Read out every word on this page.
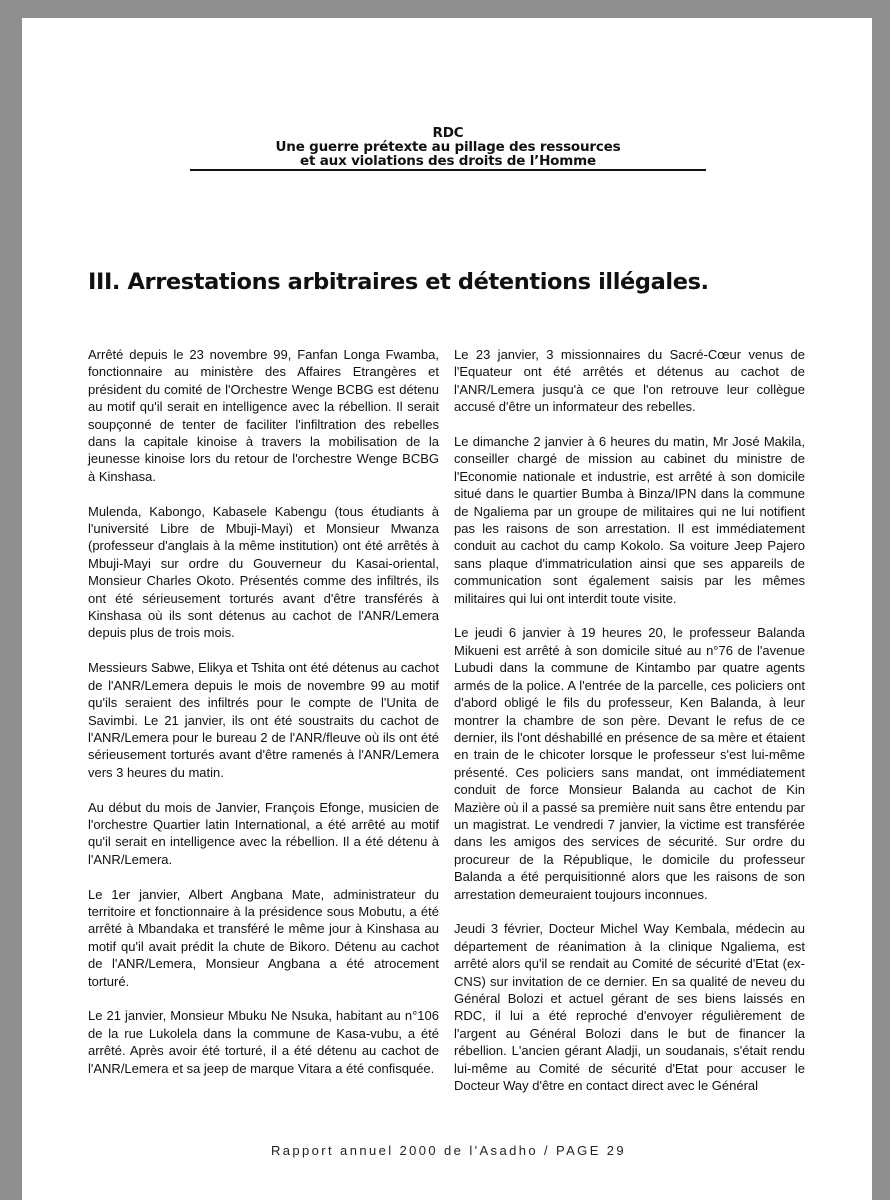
RDC
Une guerre prétexte au pillage des ressources
et aux violations des droits de l’Homme
III. Arrestations arbitraires et détentions illégales.

Arrêté depuis le 23 novembre 99, Fanfan Longa Fwamba, fonctionnaire au ministère des Affaires Etrangères et président du comité de l'Orchestre Wenge BCBG est détenu au motif qu'il serait en intelligence avec la rébellion. Il serait soupçonné de tenter de faciliter l'infiltration des rebelles dans la capitale kinoise à travers la mobilisation de la jeunesse kinoise lors du retour de l'orchestre Wenge BCBG à Kinshasa.

Mulenda, Kabongo, Kabasele Kabengu (tous étudiants à l'université Libre de Mbuji-Mayi) et Monsieur Mwanza (professeur d'anglais à la même institution) ont été arrêtés à Mbuji-Mayi sur ordre du Gouverneur du Kasai-oriental, Monsieur Charles Okoto. Présentés comme des infiltrés, ils ont été sérieusement torturés avant d'être transférés à Kinshasa où ils sont détenus au cachot de l'ANR/Lemera depuis plus de trois mois.

Messieurs Sabwe, Elikya et Tshita ont été détenus au cachot de l'ANR/Lemera depuis le mois de novembre 99 au motif qu'ils seraient des infiltrés pour le compte de l'Unita de Savimbi. Le 21 janvier, ils ont été soustraits du cachot de l'ANR/Lemera pour le bureau 2 de l'ANR/fleuve où ils ont été sérieusement torturés avant d'être ramenés à l'ANR/Lemera vers 3 heures du matin.

Au début du mois de Janvier, François Efonge, musicien de l'orchestre Quartier latin International, a été arrêté au motif qu'il serait en intelligence avec la rébellion. Il a été détenu à l'ANR/Lemera.

Le 1er janvier, Albert Angbana Mate, administrateur du territoire et fonctionnaire à la présidence sous Mobutu, a été arrêté à Mbandaka et transféré le même jour à Kinshasa au motif qu'il avait prédit la chute de Bikoro. Détenu au cachot de l'ANR/Lemera, Monsieur Angbana a été atrocement torturé.

Le 21 janvier, Monsieur Mbuku Ne Nsuka, habitant au n°106 de la rue Lukolela dans la commune de Kasa-vubu, a été arrêté. Après avoir été torturé, il a été détenu au cachot de l'ANR/Lemera et sa jeep de marque Vitara a été confisquée.

Le 23 janvier, 3 missionnaires du Sacré-Cœur venus de l'Equateur ont été arrêtés et détenus au cachot de l'ANR/Lemera jusqu'à ce que l'on retrouve leur collègue accusé d'être un informateur des rebelles.

Le dimanche 2 janvier à 6 heures du matin, Mr José Makila, conseiller chargé de mission au cabinet du ministre de l'Economie nationale et industrie, est arrêté à son domicile situé dans le quartier Bumba à Binza/IPN dans la commune de Ngaliema par un groupe de militaires qui ne lui notifient pas les raisons de son arrestation. Il est immédiatement conduit au cachot du camp Kokolo. Sa voiture Jeep Pajero sans plaque d'immatriculation ainsi que ses appareils de communication sont également saisis par les mêmes militaires qui lui ont interdit toute visite.

Le jeudi 6 janvier à 19 heures 20, le professeur Balanda Mikueni est arrêté à son domicile situé au n°76 de l'avenue Lubudi dans la commune de Kintambo par quatre agents armés de la police. A l'entrée de la parcelle, ces policiers ont d'abord obligé le fils du professeur, Ken Balanda, à leur montrer la chambre de son père. Devant le refus de ce dernier, ils l'ont déshabillé en présence de sa mère et étaient en train de le chicoter lorsque le professeur s'est lui-même présenté. Ces policiers sans mandat, ont immédiatement conduit de force Monsieur Balanda au cachot de Kin Mazière où il a passé sa première nuit sans être entendu par un magistrat. Le vendredi 7 janvier, la victime est transférée dans les amigos des services de sécurité. Sur ordre du procureur de la République, le domicile du professeur Balanda a été perquisitionné alors que les raisons de son arrestation demeuraient toujours inconnues.

Jeudi 3 février, Docteur Michel Way Kembala, médecin au département de réanimation à la clinique Ngaliema, est arrêté alors qu'il se rendait au Comité de sécurité d'Etat (ex-CNS) sur invitation de ce dernier. En sa qualité de neveu du Général Bolozi et actuel gérant de ses biens laissés en RDC, il lui a été reproché d'envoyer régulièrement de l'argent au Général Bolozi dans le but de financer la rébellion. L'ancien gérant Aladji, un soudanais, s'était rendu lui-même au Comité de sécurité d'Etat pour accuser le Docteur Way d'être en contact direct avec le Général

Rapport annuel 2000 de l'Asadho / PAGE 29
